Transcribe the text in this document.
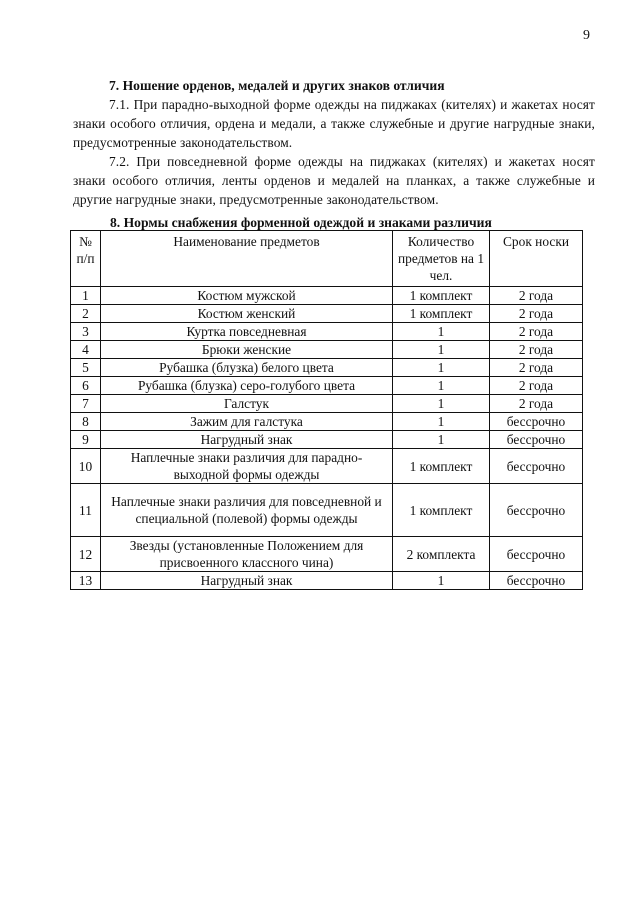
9

7. Ношение орденов, медалей и других знаков отличия

7.1. При парадно-выходной форме одежды на пиджаках (кителях) и жакетах носят знаки особого отличия, ордена и медали, а также служебные и другие нагрудные знаки, предусмотренные законодательством.

7.2. При повседневной форме одежды на пиджаках (кителях) и жакетах носят знаки особого отличия, ленты орденов и медалей на планках, а также служебные и другие нагрудные знаки, предусмотренные законодательством.

8. Нормы снабжения форменной одеждой и знаками различия
№ п/п	Наименование предметов	Количество предметов на 1 чел.	Срок носки
1	Костюм мужской	1 комплект	2 года
2	Костюм женский	1 комплект	2 года
3	Куртка повседневная	1	2 года
4	Брюки женские	1	2 года
5	Рубашка (блузка) белого цвета	1	2 года
6	Рубашка (блузка) серо-голубого цвета	1	2 года
7	Галстук	1	2 года
8	Зажим для галстука	1	бессрочно
9	Нагрудный знак	1	бессрочно
10	Наплечные знаки различия для парадно-выходной формы одежды	1 комплект	бессрочно
11	Наплечные знаки различия для повседневной и специальной (полевой) формы одежды	1 комплект	бессрочно
12	Звезды (установленные Положением для присвоенного классного чина)	2 комплекта	бессрочно
13	Нагрудный знак	1	бессрочно
